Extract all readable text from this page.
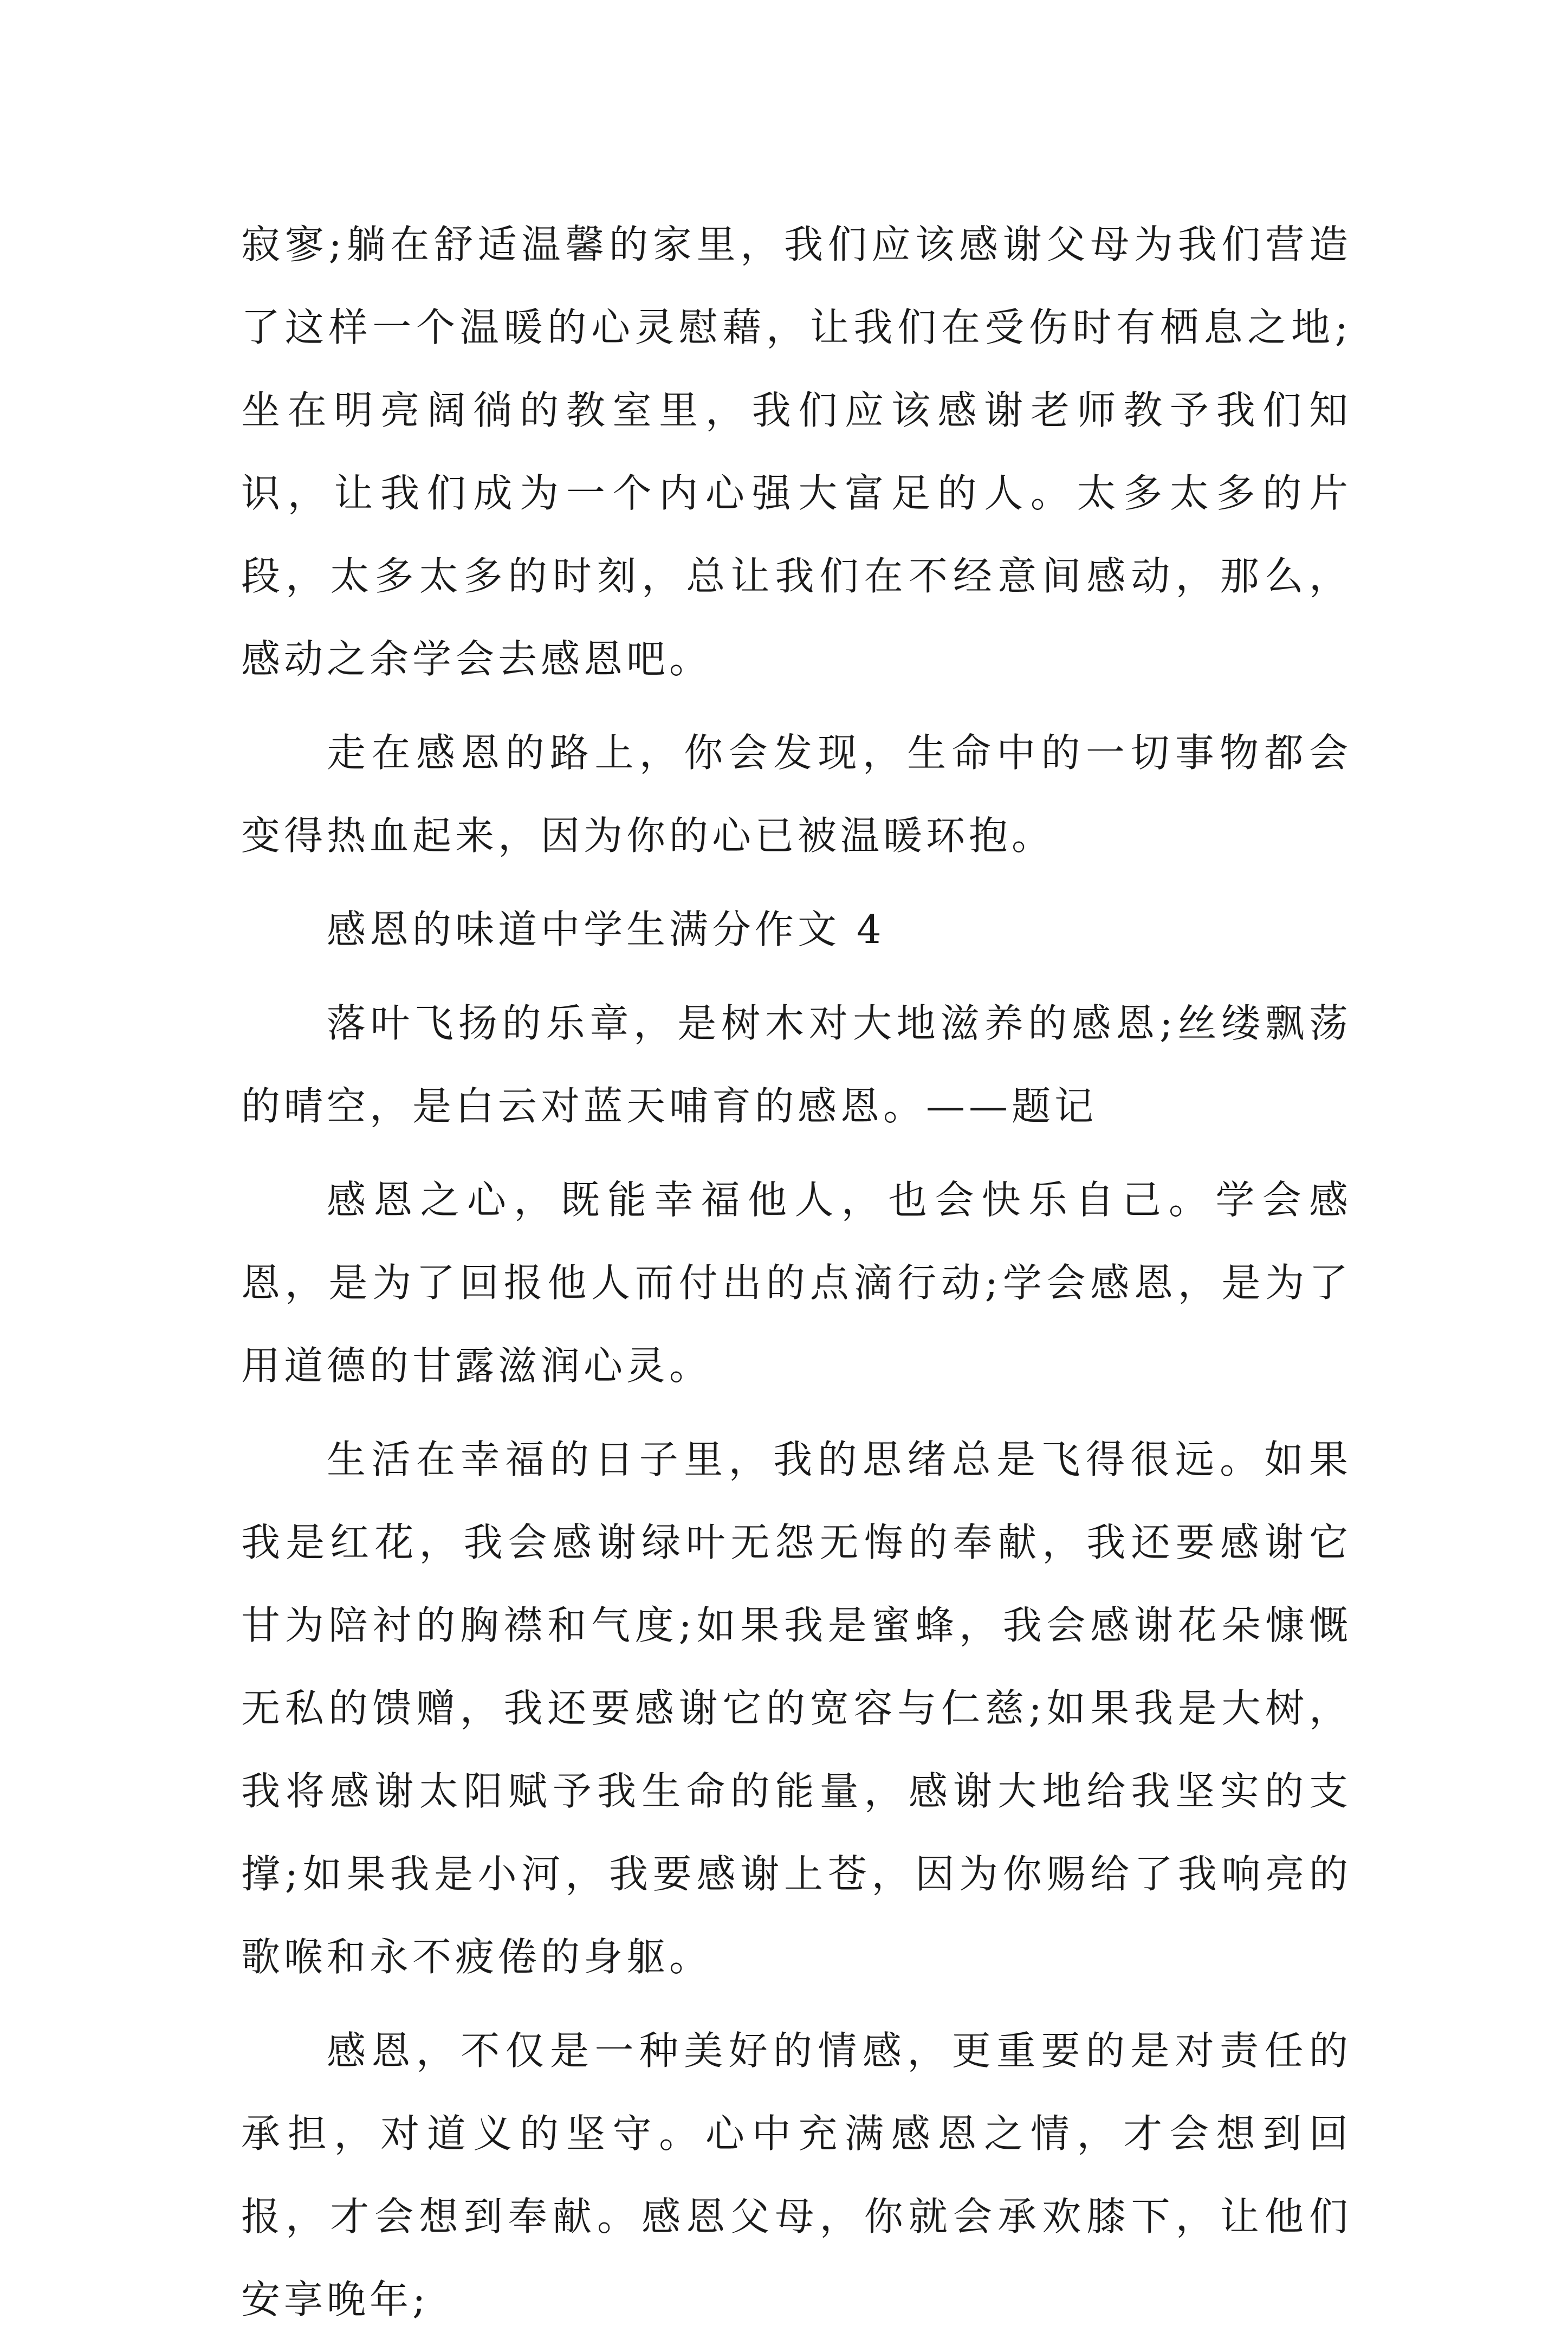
寂寥;躺在舒适温馨的家里，我们应该感谢父母为我们营造了这样一个温暖的心灵慰藉，让我们在受伤时有栖息之地;坐在明亮阔徜的教室里，我们应该感谢老师教予我们知识，让我们成为一个内心强大富足的人。太多太多的片段，太多太多的时刻，总让我们在不经意间感动，那么，感动之余学会去感恩吧。

走在感恩的路上，你会发现，生命中的一切事物都会变得热血起来，因为你的心已被温暖环抱。

感恩的味道中学生满分作文 4

落叶飞扬的乐章，是树木对大地滋养的感恩;丝缕飘荡的晴空，是白云对蓝天哺育的感恩。——题记

感恩之心，既能幸福他人，也会快乐自己。学会感恩，是为了回报他人而付出的点滴行动;学会感恩，是为了用道德的甘露滋润心灵。

生活在幸福的日子里，我的思绪总是飞得很远。如果我是红花，我会感谢绿叶无怨无悔的奉献，我还要感谢它甘为陪衬的胸襟和气度;如果我是蜜蜂，我会感谢花朵慷慨无私的馈赠，我还要感谢它的宽容与仁慈;如果我是大树，我将感谢太阳赋予我生命的能量，感谢大地给我坚实的支撑;如果我是小河，我要感谢上苍，因为你赐给了我响亮的歌喉和永不疲倦的身躯。

感恩，不仅是一种美好的情感，更重要的是对责任的承担，对道义的坚守。心中充满感恩之情，才会想到回报，才会想到奉献。感恩父母，你就会承欢膝下，让他们安享晚年;
